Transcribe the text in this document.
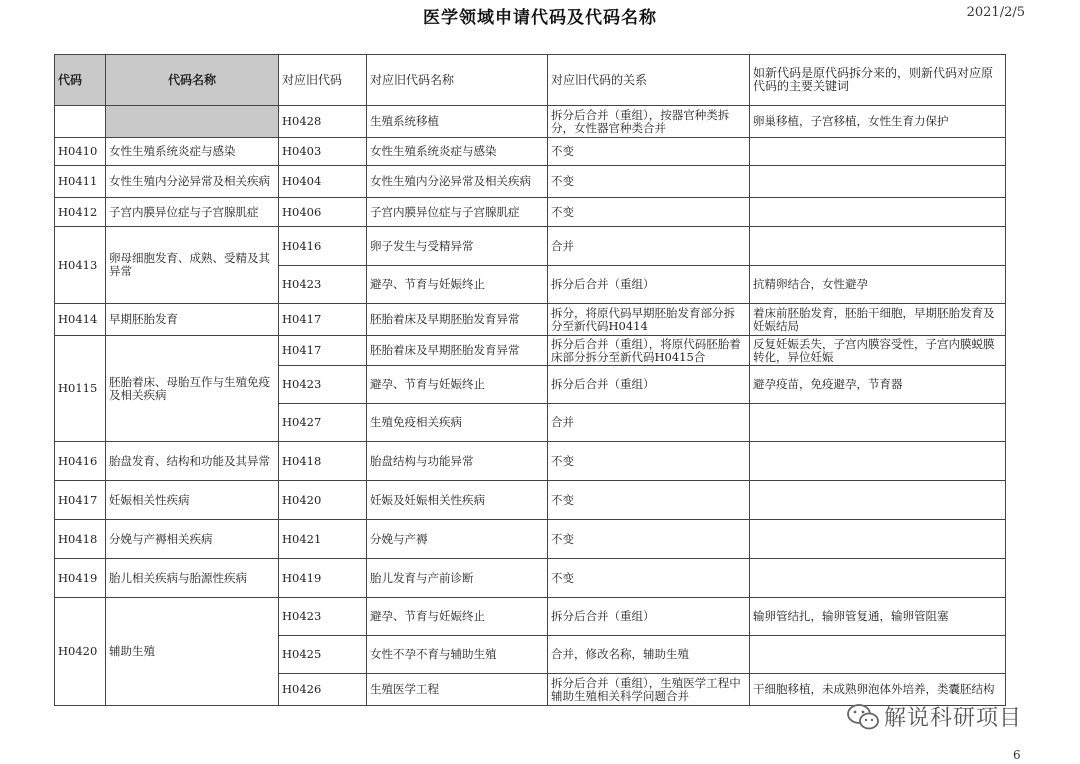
医学领域申请代码及代码名称	2021/2/5
代码	代码名称	对应旧代码	对应旧代码名称	对应旧代码的关系	如新代码是原代码拆分来的，则新代码对应原代码的主要关键词
		H0428	生殖系统移植	拆分后合并（重组），按器官种类拆分，女性器官种类合并	卵巢移植，子宫移植，女性生育力保护
H0410	女性生殖系统炎症与感染	H0403	女性生殖系统炎症与感染	不变	
H0411	女性生殖内分泌异常及相关疾病	H0404	女性生殖内分泌异常及相关疾病	不变	
H0412	子宫内膜异位症与子宫腺肌症	H0406	子宫内膜异位症与子宫腺肌症	不变	
H0413	卵母细胞发育、成熟、受精及其异常	H0416	卵子发生与受精异常	合并	
		H0423	避孕、节育与妊娠终止	拆分后合并（重组）	抗精卵结合，女性避孕
H0414	早期胚胎发育	H0417	胚胎着床及早期胚胎发育异常	拆分，将原代码早期胚胎发育部分拆分至新代码H0414	着床前胚胎发育，胚胎干细胞，早期胚胎发育及妊娠结局
H0115	胚胎着床、母胎互作与生殖免疫及相关疾病	H0417	胚胎着床及早期胚胎发育异常	拆分后合并（重组），将原代码胚胎着床部分拆分至新代码H0415合	反复妊娠丢失，子宫内膜容受性，子宫内膜蜕膜转化，异位妊娠
		H0423	避孕、节育与妊娠终止	拆分后合并（重组）	避孕疫苗，免疫避孕，节育器
		H0427	生殖免疫相关疾病	合并	
H0416	胎盘发育、结构和功能及其异常	H0418	胎盘结构与功能异常	不变	
H0417	妊娠相关性疾病	H0420	妊娠及妊娠相关性疾病	不变	
H0418	分娩与产褥相关疾病	H0421	分娩与产褥	不变	
H0419	胎儿相关疾病与胎源性疾病	H0419	胎儿发育与产前诊断	不变	
H0420	辅助生殖	H0423	避孕、节育与妊娠终止	拆分后合并（重组）	输卵管结扎，输卵管复通，输卵管阻塞
		H0425	女性不孕不育与辅助生殖	合并，修改名称，辅助生殖	
		H0426	生殖医学工程	拆分后合并（重组），生殖医学工程中辅助生殖相关科学问题合并	干细胞移植，未成熟卵泡体外培养，类囊胚结构
解说科研项目
6
